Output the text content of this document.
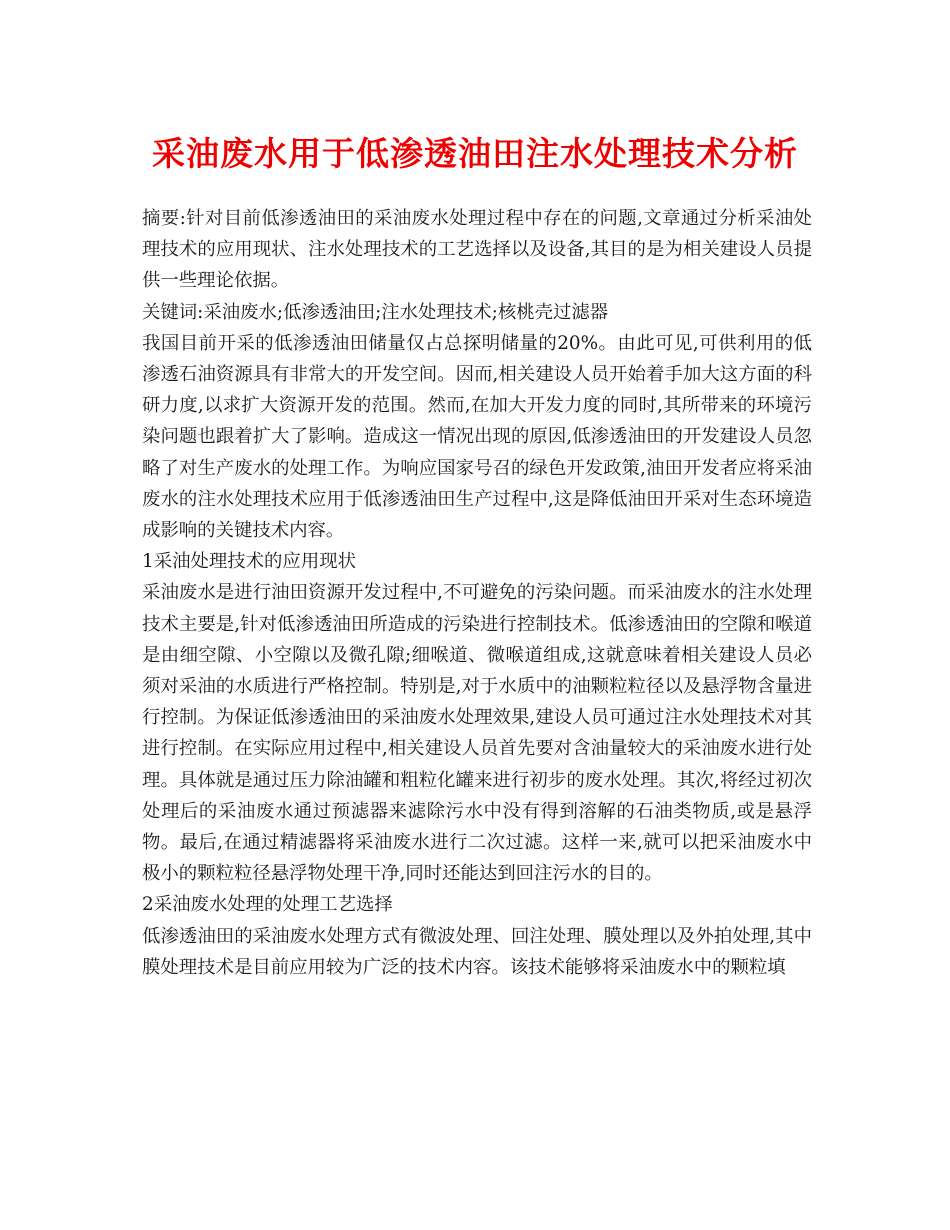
采油废水用于低渗透油田注水处理技术分析

摘要:针对目前低渗透油田的采油废水处理过程中存在的问题,文章通过分析采油处理技术的应用现状、注水处理技术的工艺选择以及设备,其目的是为相关建设人员提供一些理论依据。

关键词:采油废水;低渗透油田;注水处理技术;核桃壳过滤器

我国目前开采的低渗透油田储量仅占总探明储量的20%。由此可见,可供利用的低渗透石油资源具有非常大的开发空间。因而,相关建设人员开始着手加大这方面的科研力度,以求扩大资源开发的范围。然而,在加大开发力度的同时,其所带来的环境污染问题也跟着扩大了影响。造成这一情况出现的原因,低渗透油田的开发建设人员忽略了对生产废水的处理工作。为响应国家号召的绿色开发政策,油田开发者应将采油废水的注水处理技术应用于低渗透油田生产过程中,这是降低油田开采对生态环境造成影响的关键技术内容。

1采油处理技术的应用现状

采油废水是进行油田资源开发过程中,不可避免的污染问题。而采油废水的注水处理技术主要是,针对低渗透油田所造成的污染进行控制技术。低渗透油田的空隙和喉道是由细空隙、小空隙以及微孔隙;细喉道、微喉道组成,这就意味着相关建设人员必须对采油的水质进行严格控制。特别是,对于水质中的油颗粒粒径以及悬浮物含量进行控制。为保证低渗透油田的采油废水处理效果,建设人员可通过注水处理技术对其进行控制。在实际应用过程中,相关建设人员首先要对含油量较大的采油废水进行处理。具体就是通过压力除油罐和粗粒化罐来进行初步的废水处理。其次,将经过初次处理后的采油废水通过预滤器来滤除污水中没有得到溶解的石油类物质,或是悬浮物。最后,在通过精滤器将采油废水进行二次过滤。这样一来,就可以把采油废水中极小的颗粒粒径悬浮物处理干净,同时还能达到回注污水的目的。

2采油废水处理的处理工艺选择

低渗透油田的采油废水处理方式有微波处理、回注处理、膜处理以及外拍处理,其中膜处理技术是目前应用较为广泛的技术内容。该技术能够将采油废水中的颗粒填
